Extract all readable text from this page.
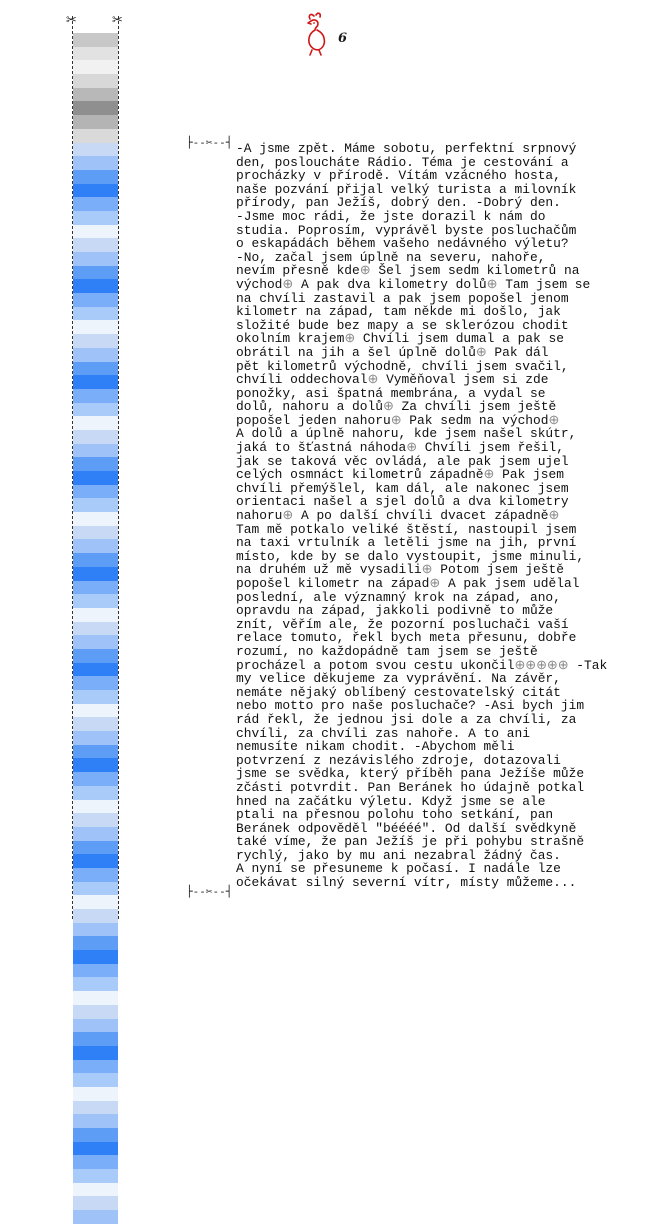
✂	✂
6
├--✂--┤ -A jsme zpět. Máme sobotu, perfektní srpnový
den, posloucháte Rádio. Téma je cestování a
procházky v přírodě. Vítám vzácného hosta,
naše pozvání přijal velký turista a milovník
přírody, pan Ježíš, dobrý den. -Dobrý den.
-Jsme moc rádi, že jste dorazil k nám do
studia. Poprosím, vyprávěl byste posluchačům
o eskapádách během vašeho nedávného výletu?
-No, začal jsem úplně na severu, nahoře,
nevím přesně kde⊕ Šel jsem sedm kilometrů na
východ⊕ A pak dva kilometry dolů⊕ Tam jsem se
na chvíli zastavil a pak jsem popošel jenom
kilometr na západ, tam někde mi došlo, jak
složité bude bez mapy a se sklerózou chodit
okolním krajem⊕ Chvíli jsem dumal a pak se
obrátil na jih a šel úplně dolů⊕ Pak dál
pět kilometrů východně, chvíli jsem svačil,
chvíli oddechoval⊕ Vyměňoval jsem si zde
ponožky, asi špatná membrána, a vydal se
dolů, nahoru a dolů⊕ Za chvíli jsem ještě
popošel jeden nahoru⊕ Pak sedm na východ⊕
A dolů a úplně nahoru, kde jsem našel skútr,
jaká to šťastná náhoda⊕ Chvíli jsem řešil,
jak se taková věc ovládá, ale pak jsem ujel
celých osmnáct kilometrů západně⊕ Pak jsem
chvíli přemýšlel, kam dál, ale nakonec jsem
orientaci našel a sjel dolů a dva kilometry
nahoru⊕ A po další chvíli dvacet západně⊕
Tam mě potkalo veliké štěstí, nastoupil jsem
na taxi vrtulník a letěli jsme na jih, první
místo, kde by se dalo vystoupit, jsme minuli,
na druhém už mě vysadili⊕ Potom jsem ještě
popošel kilometr na západ⊕ A pak jsem udělal
poslední, ale významný krok na západ, ano,
opravdu na západ, jakkoli podivně to může
znít, věřím ale, že pozorní posluchači vaší
relace tomuto, řekl bych meta přesunu, dobře
rozumí, no každopádně tam jsem se ještě
procházel a potom svou cestu ukončil⊕⊕⊕⊕⊕ -Tak
my velice děkujeme za vyprávění. Na závěr,
nemáte nějaký oblíbený cestovatelský citát
nebo motto pro naše posluchače? -Asi bych jim
rád řekl, že jednou jsi dole a za chvíli, za
chvíli, za chvíli zas nahoře. A to ani
nemusíte nikam chodit. -Abychom měli
potvrzení z nezávislého zdroje, dotazovali
jsme se svědka, který příběh pana Ježíše může
zčásti potvrdit. Pan Beránek ho údajně potkal
hned na začátku výletu. Když jsme se ale
ptali na přesnou polohu toho setkání, pan
Beránek odpověděl "béééé". Od další svědkyně
také víme, že pan Ježíš je při pohybu strašně
rychlý, jako by mu ani nezabral žádný čas.
A nyní se přesuneme k počasí. I nadále lze
očekávat silný severní vítr, místy můžeme...
├--✂--┤
